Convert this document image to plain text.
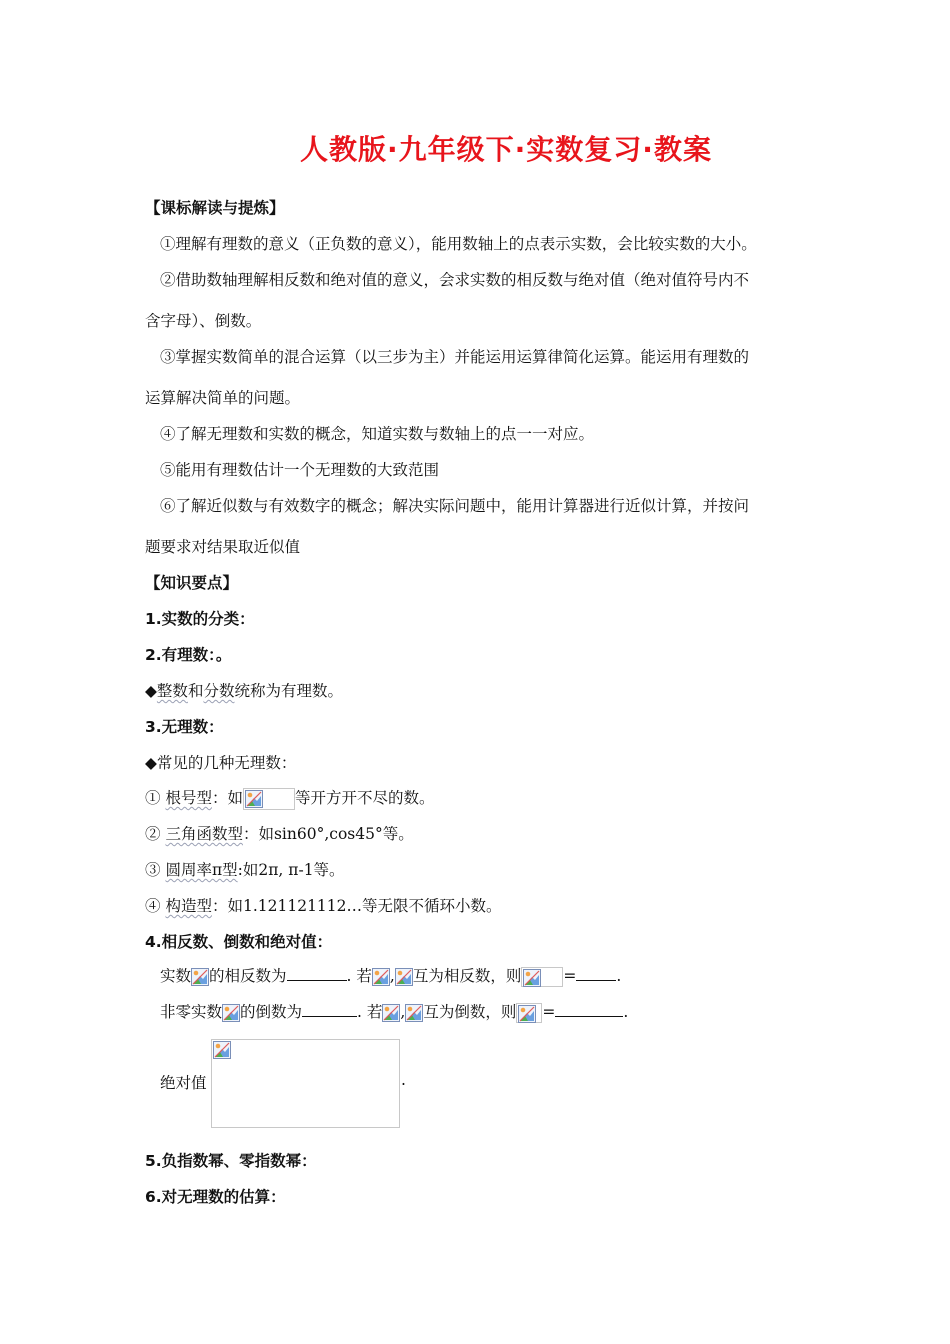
人教版·九年级下·实数复习·教案
【课标解读与提炼】
①理解有理数的意义（正负数的意义），能用数轴上的点表示实数，会比较实数的大小。
②借助数轴理解相反数和绝对值的意义，会求实数的相反数与绝对值（绝对值符号内不
含字母）、倒数。
③掌握实数简单的混合运算（以三步为主）并能运用运算律简化运算。能运用有理数的
运算解决简单的问题。
④了解无理数和实数的概念，知道实数与数轴上的点一一对应。
⑤能用有理数估计一个无理数的大致范围
⑥了解近似数与有效数字的概念；解决实际问题中，能用计算器进行近似计算，并按问
题要求对结果取近似值
【知识要点】
1.实数的分类：
2.有理数：。
◆整数和分数统称为有理数。
3.无理数：
◆常见的几种无理数：
① 根号型：如	等开方开不尽的数。
② 三角函数型：如sin60°,cos45°等。
③ 圆周率π型:如2π, π-1等。
④ 构造型：如1.121121112…等无限不循环小数。
4.相反数、倒数和绝对值：
实数 的相反数为	. 若 , 互为相反数，则	=	.
非零实数 的倒数为	. 若 , 互为倒数，则 =	.
绝对值	.
5.负指数幂、零指数幂：
6.对无理数的估算：
